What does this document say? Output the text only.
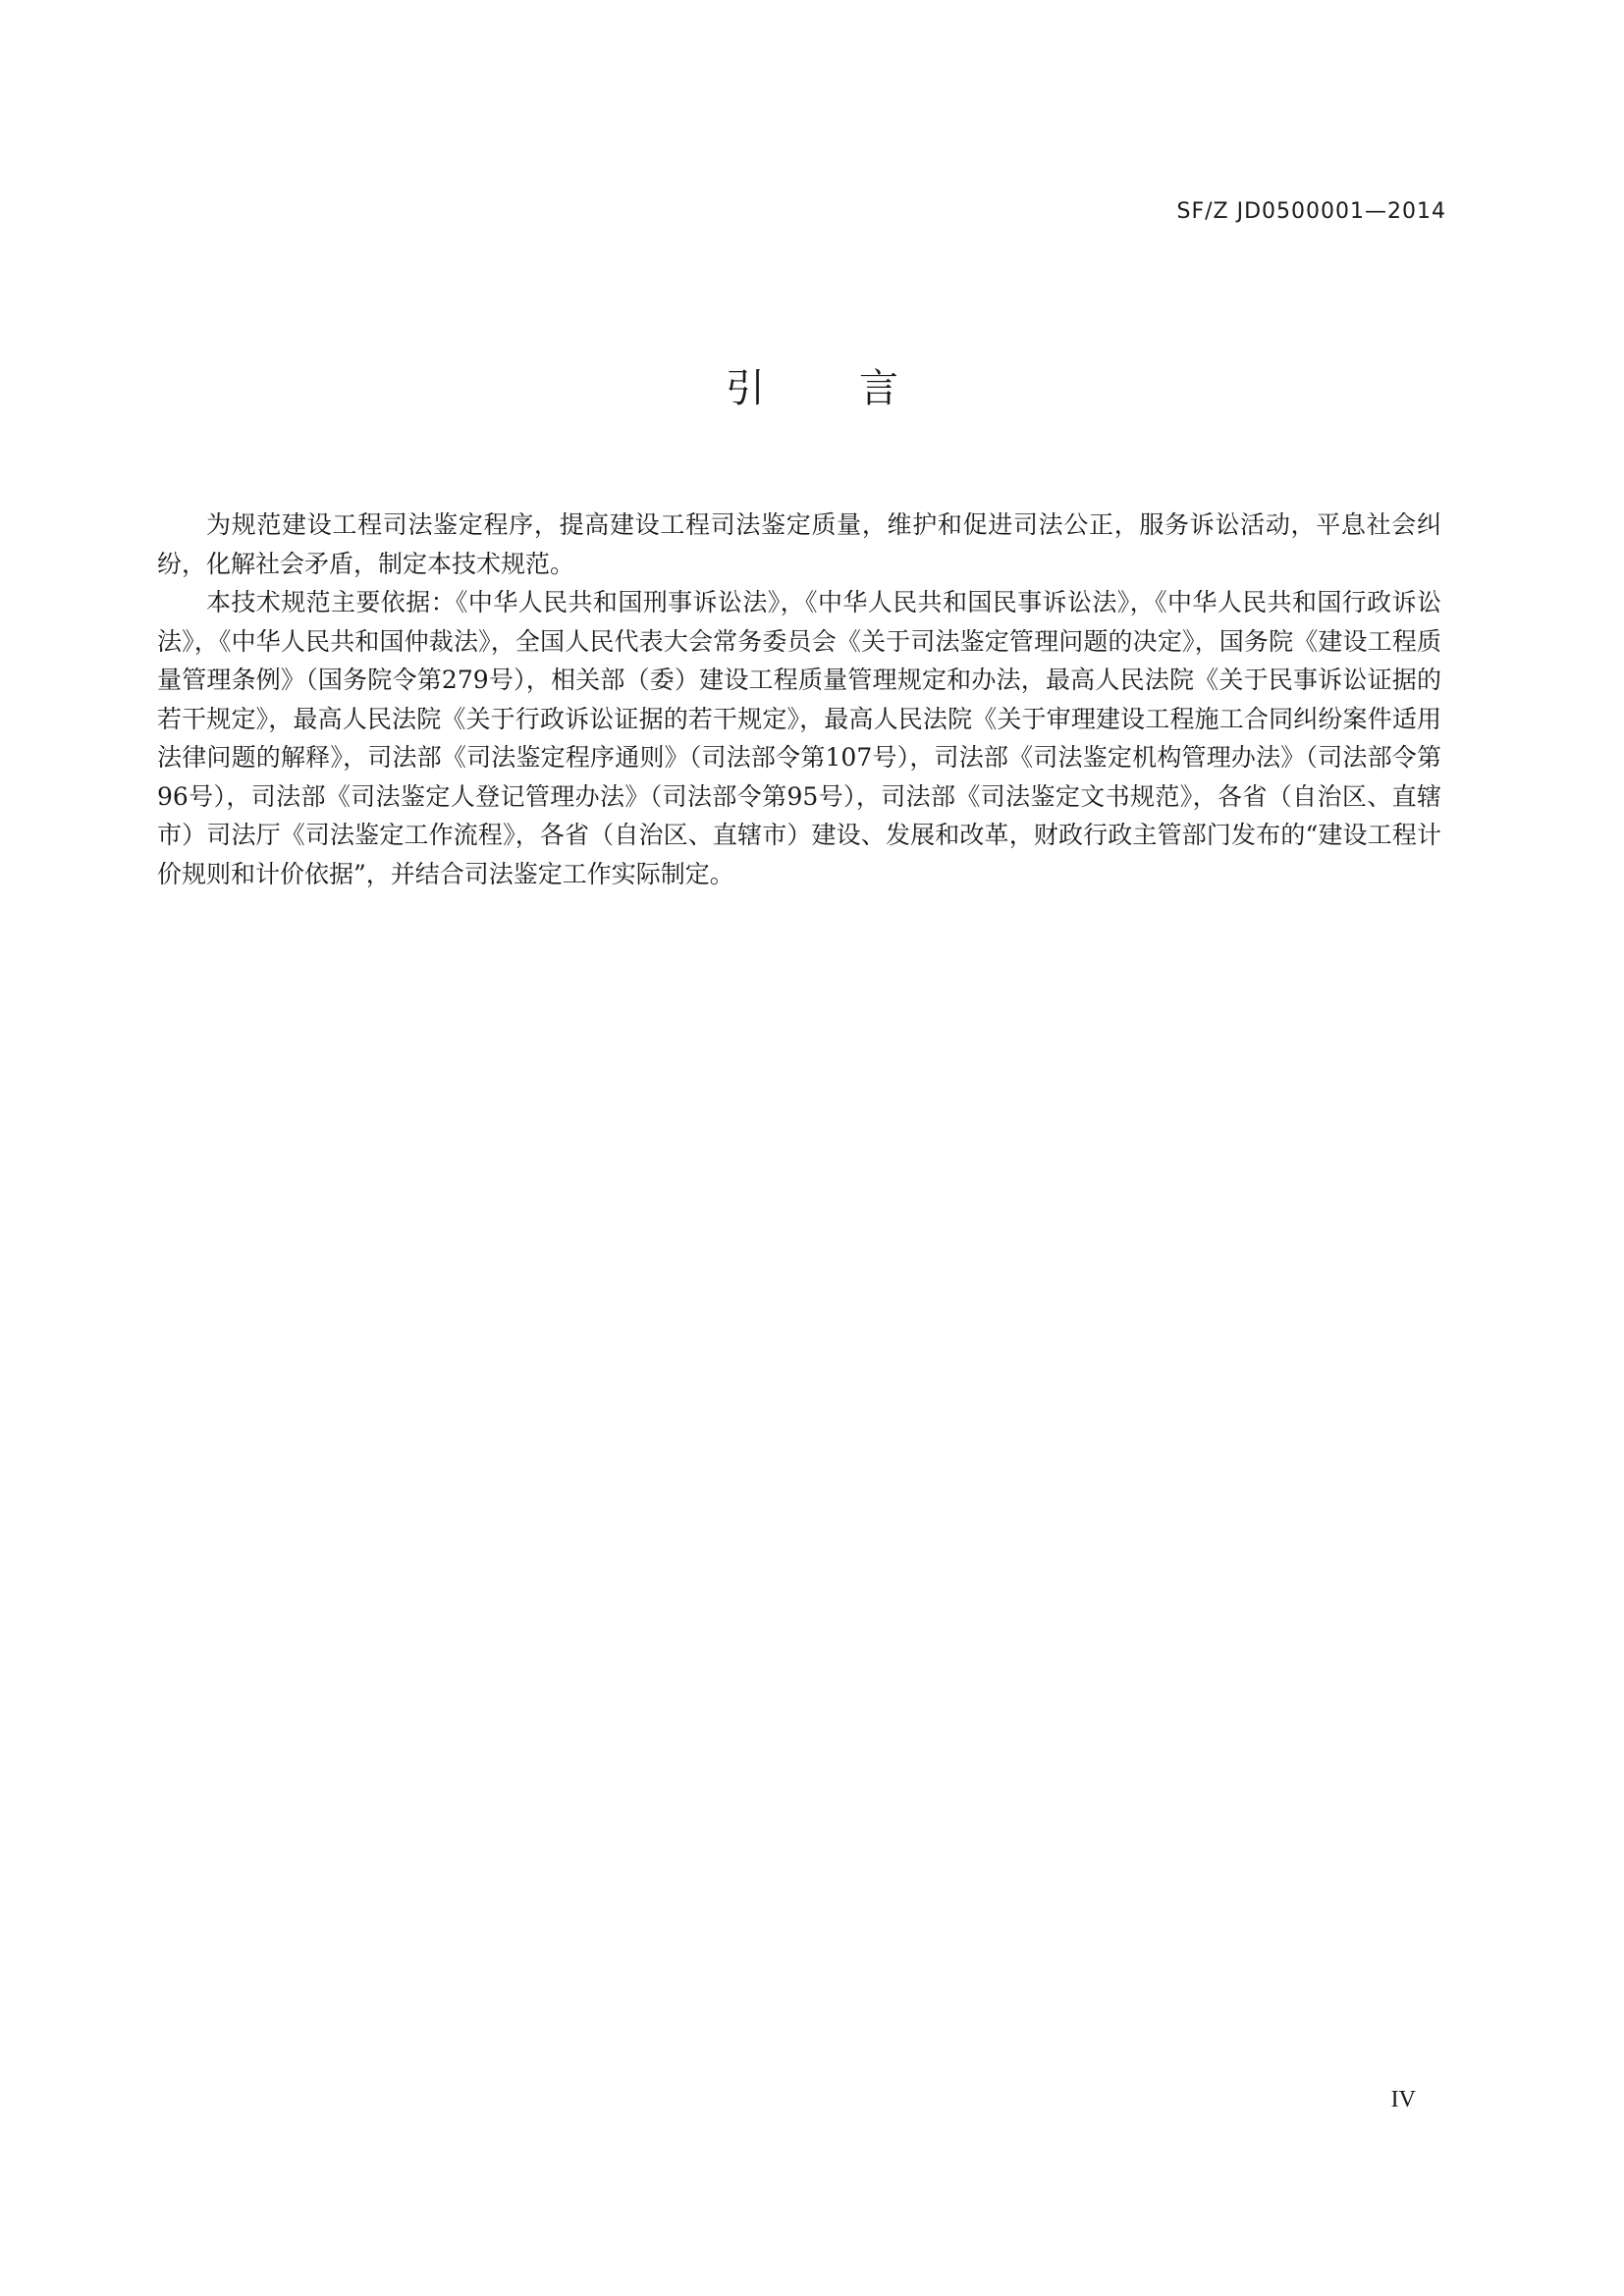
SF/Z JD0500001—2014
引 言

为规范建设工程司法鉴定程序，提高建设工程司法鉴定质量，维护和促进司法公正，服务诉讼活动，平息社会纠纷，化解社会矛盾，制定本技术规范。

本技术规范主要依据：《中华人民共和国刑事诉讼法》，《中华人民共和国民事诉讼法》，《中华人民共和国行政诉讼法》，《中华人民共和国仲裁法》，全国人民代表大会常务委员会《关于司法鉴定管理问题的决定》，国务院《建设工程质量管理条例》（国务院令第279号），相关部（委）建设工程质量管理规定和办法，最高人民法院《关于民事诉讼证据的若干规定》，最高人民法院《关于行政诉讼证据的若干规定》，最高人民法院《关于审理建设工程施工合同纠纷案件适用法律问题的解释》，司法部《司法鉴定程序通则》（司法部令第107号），司法部《司法鉴定机构管理办法》（司法部令第96号），司法部《司法鉴定人登记管理办法》（司法部令第95号），司法部《司法鉴定文书规范》，各省（自治区、直辖市）司法厅《司法鉴定工作流程》，各省（自治区、直辖市）建设、发展和改革，财政行政主管部门发布的“建设工程计价规则和计价依据”，并结合司法鉴定工作实际制定。

IV
